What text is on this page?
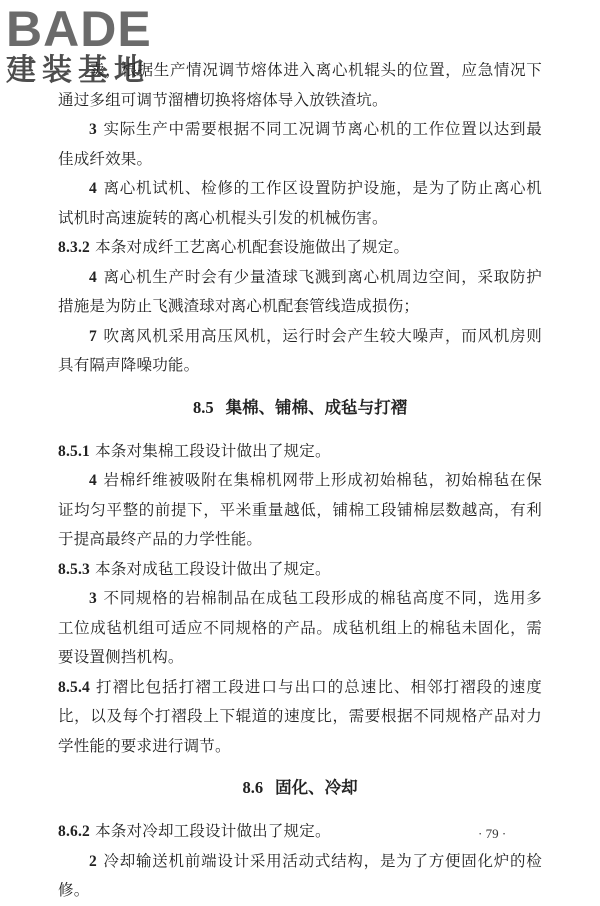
BADE
建装基地

卖，根据生产情况调节熔体进入离心机辊头的位置，应急情况下通过多组可调节溜槽切换将熔体导入放铁渣坑。

3 实际生产中需要根据不同工况调节离心机的工作位置以达到最佳成纤效果。

4 离心机试机、检修的工作区设置防护设施，是为了防止离心机试机时高速旋转的离心机棍头引发的机械伤害。

8.3.2 本条对成纤工艺离心机配套设施做出了规定。

4 离心机生产时会有少量渣球飞溅到离心机周边空间，采取防护措施是为防止飞溅渣球对离心机配套管线造成损伤；

7 吹离风机采用高压风机，运行时会产生较大噪声，而风机房则具有隔声降噪功能。

8.5 集棉、铺棉、成毡与打褶

8.5.1 本条对集棉工段设计做出了规定。

4 岩棉纤维被吸附在集棉机网带上形成初始棉毡，初始棉毡在保证均匀平整的前提下，平米重量越低，铺棉工段铺棉层数越高，有利于提高最终产品的力学性能。

8.5.3 本条对成毡工段设计做出了规定。

3 不同规格的岩棉制品在成毡工段形成的棉毡高度不同，选用多工位成毡机组可适应不同规格的产品。成毡机组上的棉毡未固化，需要设置侧挡机构。

8.5.4 打褶比包括打褶工段进口与出口的总速比、相邻打褶段的速度比，以及每个打褶段上下辊道的速度比，需要根据不同规格产品对力学性能的要求进行调节。

8.6 固化、冷却

8.6.2 本条对冷却工段设计做出了规定。

2 冷却输送机前端设计采用活动式结构，是为了方便固化炉的检修。

· 79 ·
